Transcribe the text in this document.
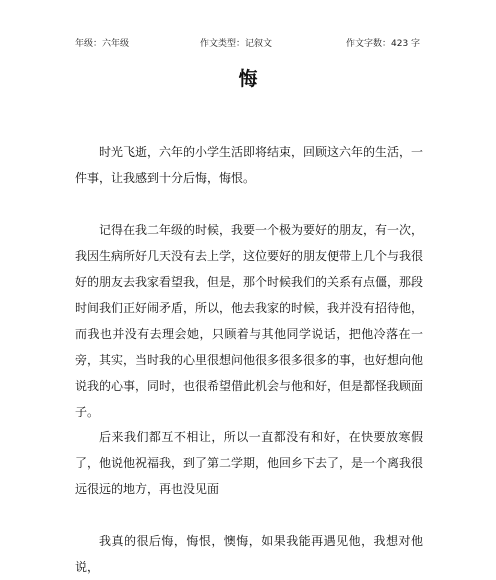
年级：六年级	作文类型：记叙文	作文字数：423 字
悔

时光飞逝，六年的小学生活即将结束，回顾这六年的生活，一件事，让我感到十分后悔，悔恨。

记得在我二年级的时候，我要一个极为要好的朋友，有一次，我因生病所好几天没有去上学，这位要好的朋友便带上几个与我很好的朋友去我家看望我，但是，那个时候我们的关系有点僵，那段时间我们正好闹矛盾，所以，他去我家的时候，我并没有招待他，而我也并没有去理会她，只顾着与其他同学说话，把他冷落在一旁，其实，当时我的心里很想问他很多很多很多的事，也好想向他说我的心事，同时，也很希望借此机会与他和好，但是都怪我顾面子。

后来我们都互不相让，所以一直都没有和好，在快要放寒假了，他说他祝福我，到了第二学期，他回乡下去了，是一个离我很远很远的地方，再也没见面

我真的很后悔，悔恨，懊悔，如果我能再遇见他，我想对他说，
